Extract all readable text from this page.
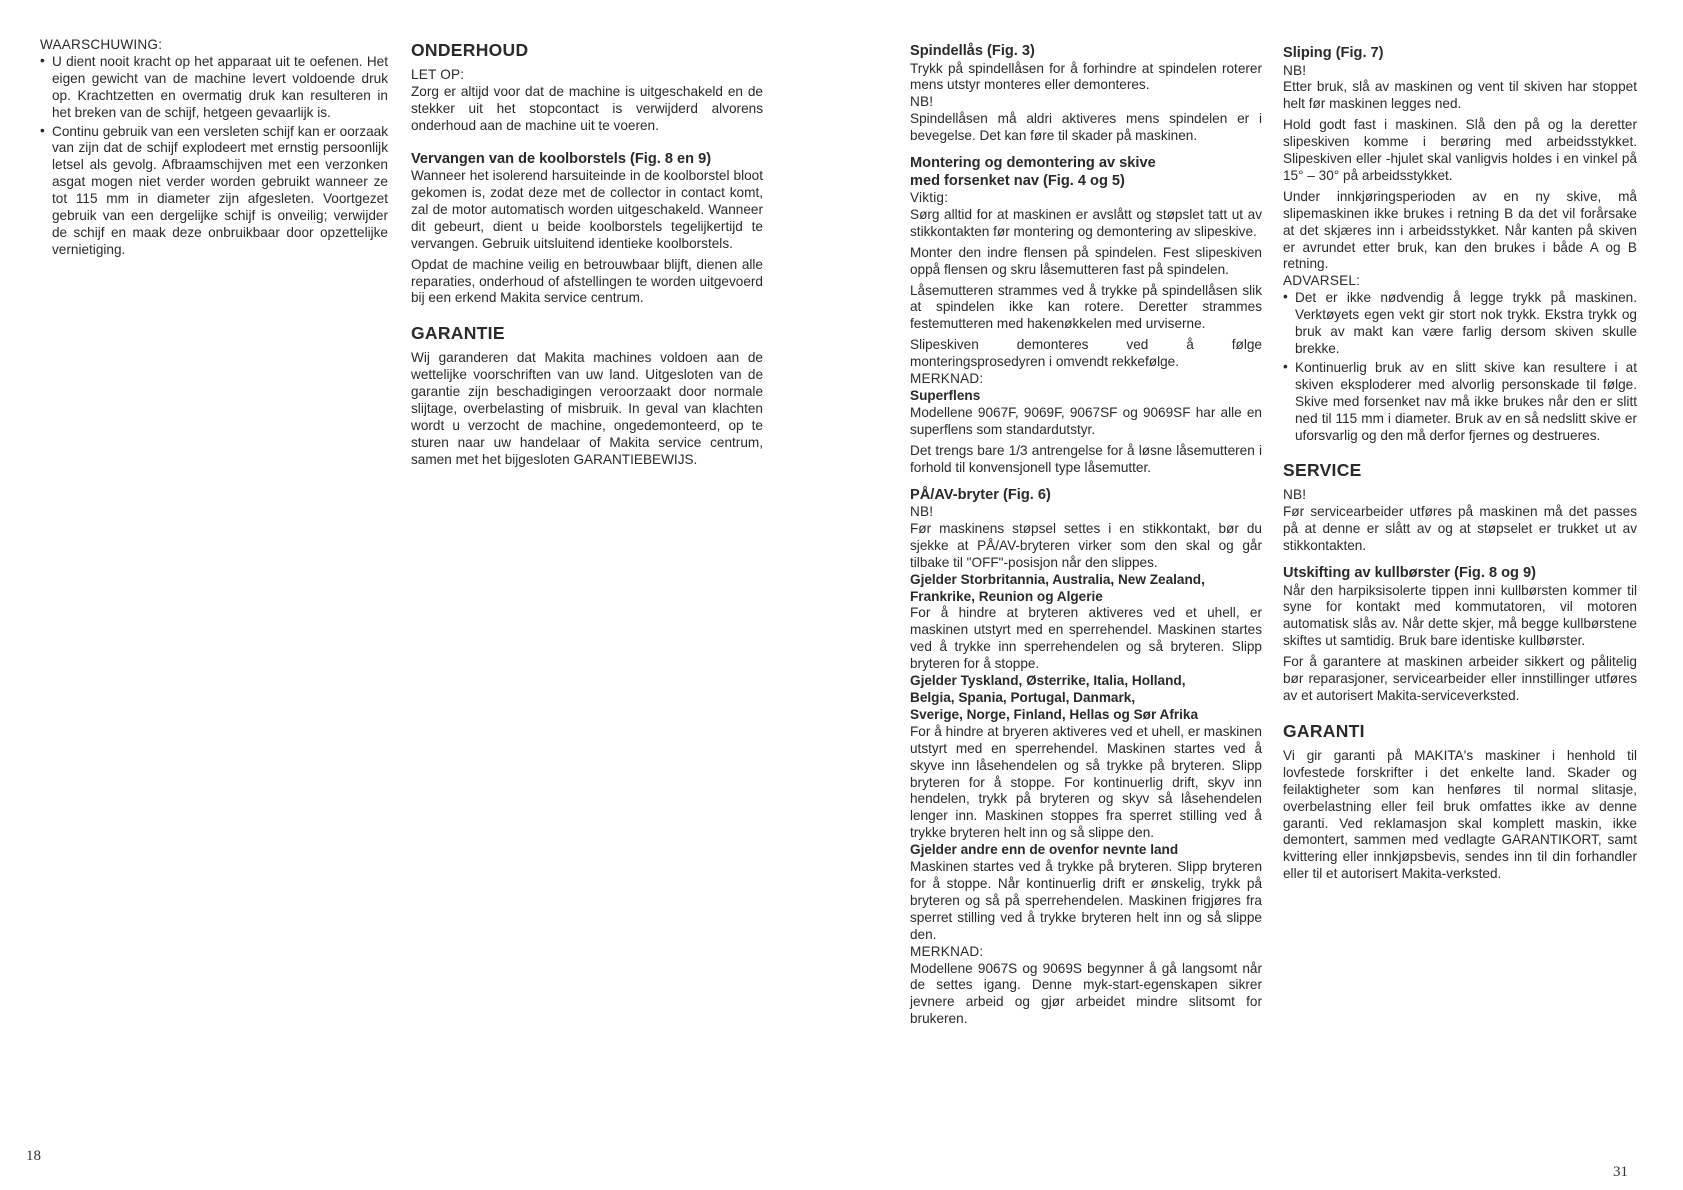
WAARSCHUWING:
• U dient nooit kracht op het apparaat uit te oefenen. Het eigen gewicht van de machine levert voldoende druk op. Krachtzetten en overmatig druk kan resulteren in het breken van de schijf, hetgeen gevaarlijk is.
• Continu gebruik van een versleten schijf kan er oorzaak van zijn dat de schijf explodeert met ernstig persoonlijk letsel als gevolg. Afbraamschijven met een verzonken asgat mogen niet verder worden gebruikt wanneer ze tot 115 mm in diameter zijn afgesleten. Voortgezet gebruik van een dergelijke schijf is onveilig; verwijder de schijf en maak deze onbruikbaar door opzettelijke vernietiging.
ONDERHOUD
LET OP:

Zorg er altijd voor dat de machine is uitgeschakeld en de stekker uit het stopcontact is verwijderd alvorens onderhoud aan de machine uit te voeren.

Vervangen van de koolborstels (Fig. 8 en 9)

Wanneer het isolerend harsuiteinde in de koolborstel bloot gekomen is, zodat deze met de collector in contact komt, zal de motor automatisch worden uitgeschakeld. Wanneer dit gebeurt, dient u beide koolborstels tegelijkertijd te vervangen. Gebruik uitsluitend identieke koolborstels.

Opdat de machine veilig en betrouwbaar blijft, dienen alle reparaties, onderhoud of afstellingen te worden uitgevoerd bij een erkend Makita service centrum.

GARANTIE

Wij garanderen dat Makita machines voldoen aan de wettelijke voorschriften van uw land. Uitgesloten van de garantie zijn beschadigingen veroorzaakt door normale slijtage, overbelasting of misbruik. In geval van klachten wordt u verzocht de machine, ongedemonteerd, op te sturen naar uw handelaar of Makita service centrum, samen met het bijgesloten GARANTIEBEWIJS.

Spindellås (Fig. 3)

Trykk på spindellåsen for å forhindre at spindelen roterer mens utstyr monteres eller demonteres.

NB!

Spindellåsen må aldri aktiveres mens spindelen er i bevegelse. Det kan føre til skader på maskinen.

Montering og demontering av skive
med forsenket nav (Fig. 4 og 5)
Viktig:

Sørg alltid for at maskinen er avslått og støpslet tatt ut av stikkontakten før montering og demontering av slipeskive.

Monter den indre flensen på spindelen. Fest slipeskiven oppå flensen og skru låsemutteren fast på spindelen.

Låsemutteren strammes ved å trykke på spindellåsen slik at spindelen ikke kan rotere. Deretter strammes festemutteren med hakenøkkelen med urviserne.

Slipeskiven demonteres ved å følge monteringsprosedyren i omvendt rekkefølge.

MERKNAD:
Superflens

Modellene 9067F, 9069F, 9067SF og 9069SF har alle en superflens som standardutstyr.

Det trengs bare 1/3 antrengelse for å løsne låsemutteren i forhold til konvensjonell type låsemutter.

PÅ/AV-bryter (Fig. 6)
NB!

Før maskinens støpsel settes i en stikkontakt, bør du sjekke at PÅ/AV-bryteren virker som den skal og går tilbake til "OFF"-posisjon når den slippes.

Gjelder Storbritannia, Australia, New Zealand,
Frankrike, Reunion og Algerie

For å hindre at bryteren aktiveres ved et uhell, er maskinen utstyrt med en sperrehendel. Maskinen startes ved å trykke inn sperrehendelen og så bryteren. Slipp bryteren for å stoppe.

Gjelder Tyskland, Østerrike, Italia, Holland,
Belgia, Spania, Portugal, Danmark,
Sverige, Norge, Finland, Hellas og Sør Afrika

For å hindre at bryeren aktiveres ved et uhell, er maskinen utstyrt med en sperrehendel. Maskinen startes ved å skyve inn låsehendelen og så trykke på bryteren. Slipp bryteren for å stoppe. For kontinuerlig drift, skyv inn hendelen, trykk på bryteren og skyv så låsehendelen lenger inn. Maskinen stoppes fra sperret stilling ved å trykke bryteren helt inn og så slippe den.

Gjelder andre enn de ovenfor nevnte land

Maskinen startes ved å trykke på bryteren. Slipp bryteren for å stoppe. Når kontinuerlig drift er ønskelig, trykk på bryteren og så på sperrehendelen. Maskinen frigjøres fra sperret stilling ved å trykke bryteren helt inn og så slippe den.

MERKNAD:

Modellene 9067S og 9069S begynner å gå langsomt når de settes igang. Denne myk-start-egenskapen sikrer jevnere arbeid og gjør arbeidet mindre slitsomt for brukeren.

Sliping (Fig. 7)
NB!

Etter bruk, slå av maskinen og vent til skiven har stoppet helt før maskinen legges ned.

Hold godt fast i maskinen. Slå den på og la deretter slipeskiven komme i berøring med arbeidsstykket. Slipeskiven eller -hjulet skal vanligvis holdes i en vinkel på 15° – 30° på arbeidsstykket.

Under innkjøringsperioden av en ny skive, må slipemaskinen ikke brukes i retning B da det vil forårsake at det skjæres inn i arbeidsstykket. Når kanten på skiven er avrundet etter bruk, kan den brukes i både A og B retning.

ADVARSEL:
• Det er ikke nødvendig å legge trykk på maskinen. Verktøyets egen vekt gir stort nok trykk. Ekstra trykk og bruk av makt kan være farlig dersom skiven skulle brekke.
• Kontinuerlig bruk av en slitt skive kan resultere i at skiven eksploderer med alvorlig personskade til følge. Skive med forsenket nav må ikke brukes når den er slitt ned til 115 mm i diameter. Bruk av en så nedslitt skive er uforsvarlig og den må derfor fjernes og destrueres.
SERVICE
NB!

Før servicearbeider utføres på maskinen må det passes på at denne er slått av og at støpselet er trukket ut av stikkontakten.

Utskifting av kullbørster (Fig. 8 og 9)

Når den harpiksisolerte tippen inni kullbørsten kommer til syne for kontakt med kommutatoren, vil motoren automatisk slås av. Når dette skjer, må begge kullbørstene skiftes ut samtidig. Bruk bare identiske kullbørster.

For å garantere at maskinen arbeider sikkert og pålitelig bør reparasjoner, servicearbeider eller innstillinger utføres av et autorisert Makita-serviceverksted.

GARANTI

Vi gir garanti på MAKITA's maskiner i henhold til lovfestede forskrifter i det enkelte land. Skader og feilaktigheter som kan henføres til normal slitasje, overbelastning eller feil bruk omfattes ikke av denne garanti. Ved reklamasjon skal komplett maskin, ikke demontert, sammen med vedlagte GARANTIKORT, samt kvittering eller innkjøpsbevis, sendes inn til din forhandler eller til et autorisert Makita-verksted.

18
31
